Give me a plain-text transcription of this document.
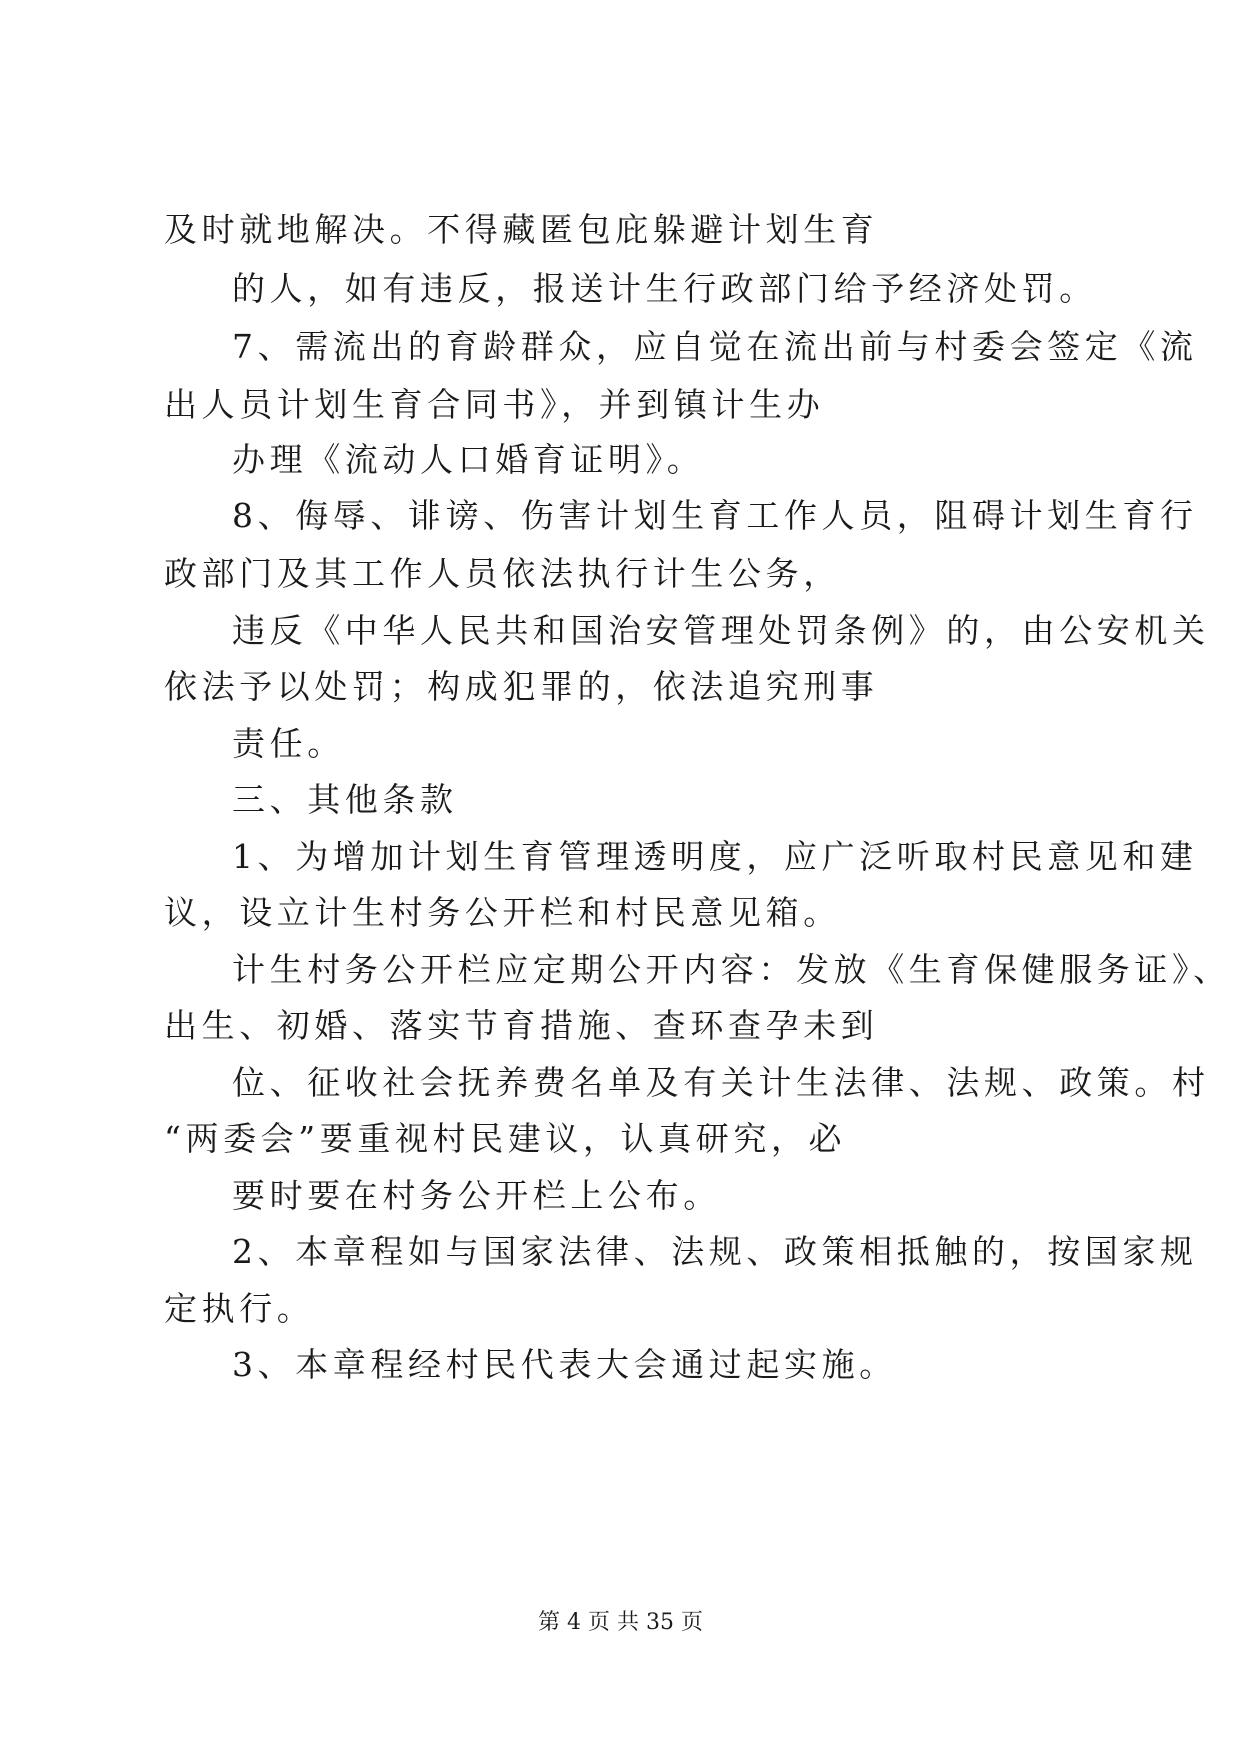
及时就地解决。不得藏匿包庇躲避计划生育

的人，如有违反，报送计生行政部门给予经济处罚。

7、需流出的育龄群众，应自觉在流出前与村委会签定《流

出人员计划生育合同书》，并到镇计生办

办理《流动人口婚育证明》。

8、侮辱、诽谤、伤害计划生育工作人员，阻碍计划生育行

政部门及其工作人员依法执行计生公务，

违反《中华人民共和国治安管理处罚条例》的，由公安机关

依法予以处罚；构成犯罪的，依法追究刑事

责任。

三、其他条款

1、为增加计划生育管理透明度，应广泛听取村民意见和建

议，设立计生村务公开栏和村民意见箱。

计生村务公开栏应定期公开内容：发放《生育保健服务证》、

出生、初婚、落实节育措施、查环查孕未到

位、征收社会抚养费名单及有关计生法律、法规、政策。村

“两委会”要重视村民建议，认真研究，必

要时要在村务公开栏上公布。

2、本章程如与国家法律、法规、政策相抵触的，按国家规

定执行。

3、本章程经村民代表大会通过起实施。

第 4 页 共 35 页
